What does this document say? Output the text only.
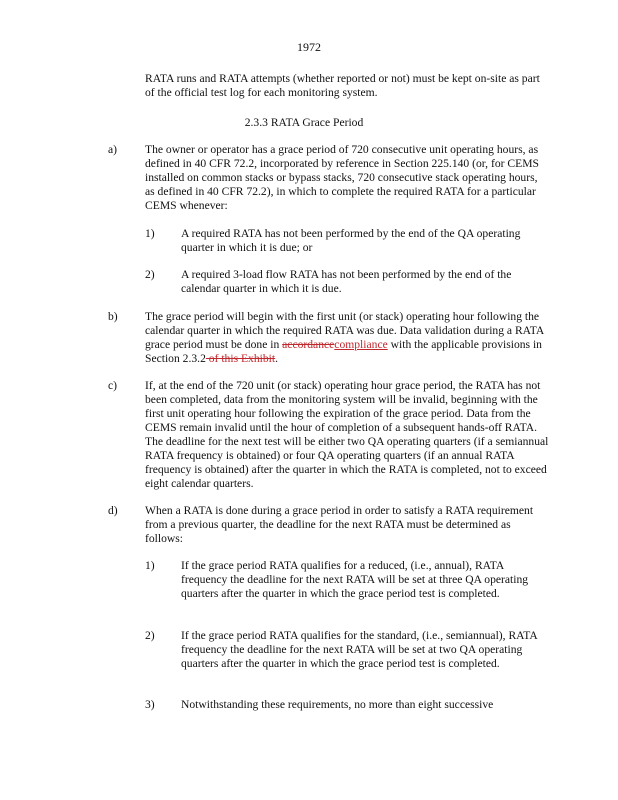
1972
RATA runs and RATA attempts (whether reported or not) must be kept on-site as part of the official test log for each monitoring system.
2.3.3 RATA Grace Period
a) The owner or operator has a grace period of 720 consecutive unit operating hours, as defined in 40 CFR 72.2, incorporated by reference in Section 225.140 (or, for CEMS installed on common stacks or bypass stacks, 720 consecutive stack operating hours, as defined in 40 CFR 72.2), in which to complete the required RATA for a particular CEMS whenever:
1) A required RATA has not been performed by the end of the QA operating quarter in which it is due; or
2) A required 3-load flow RATA has not been performed by the end of the calendar quarter in which it is due.
b) The grace period will begin with the first unit (or stack) operating hour following the calendar quarter in which the required RATA was due. Data validation during a RATA grace period must be done in accordancecompliance with the applicable provisions in Section 2.3.2 of this Exhibit.
c) If, at the end of the 720 unit (or stack) operating hour grace period, the RATA has not been completed, data from the monitoring system will be invalid, beginning with the first unit operating hour following the expiration of the grace period. Data from the CEMS remain invalid until the hour of completion of a subsequent hands-off RATA. The deadline for the next test will be either two QA operating quarters (if a semiannual RATA frequency is obtained) or four QA operating quarters (if an annual RATA frequency is obtained) after the quarter in which the RATA is completed, not to exceed eight calendar quarters.
d) When a RATA is done during a grace period in order to satisfy a RATA requirement from a previous quarter, the deadline for the next RATA must be determined as follows:
1) If the grace period RATA qualifies for a reduced, (i.e., annual), RATA frequency the deadline for the next RATA will be set at three QA operating quarters after the quarter in which the grace period test is completed.
2) If the grace period RATA qualifies for the standard, (i.e., semiannual), RATA frequency the deadline for the next RATA will be set at two QA operating quarters after the quarter in which the grace period test is completed.
3) Notwithstanding these requirements, no more than eight successive
